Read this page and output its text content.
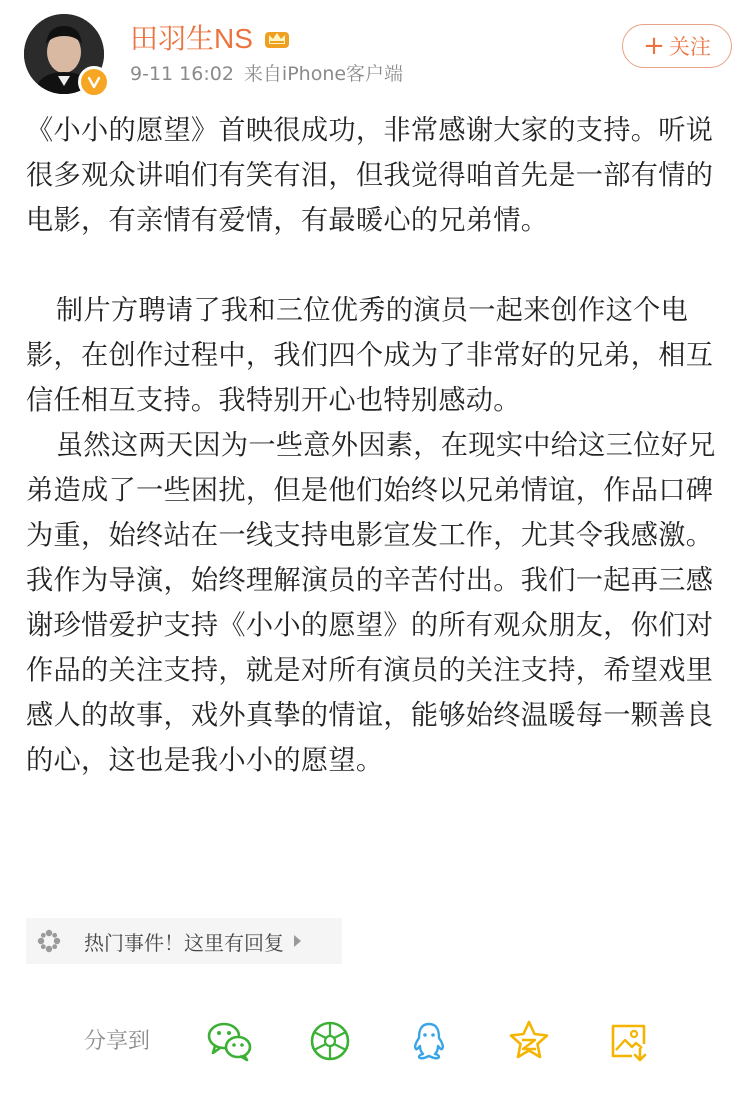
田羽生NS
9-11 16:02 来自iPhone客户端
+ 关注

《小小的愿望》首映很成功，非常感谢大家的支持。听说很多观众讲咱们有笑有泪，但我觉得咱首先是一部有情的电影，有亲情有爱情，有最暖心的兄弟情。

制片方聘请了我和三位优秀的演员一起来创作这个电影，在创作过程中，我们四个成为了非常好的兄弟，相互信任相互支持。我特别开心也特别感动。

虽然这两天因为一些意外因素，在现实中给这三位好兄弟造成了一些困扰，但是他们始终以兄弟情谊，作品口碑为重，始终站在一线支持电影宣发工作，尤其令我感激。我作为导演，始终理解演员的辛苦付出。我们一起再三感谢珍惜爱护支持《小小的愿望》的所有观众朋友，你们对作品的关注支持，就是对所有演员的关注支持，希望戏里感人的故事，戏外真挚的情谊，能够始终温暖每一颗善良的心，这也是我小小的愿望。

热门事件！这里有回复
分享到
